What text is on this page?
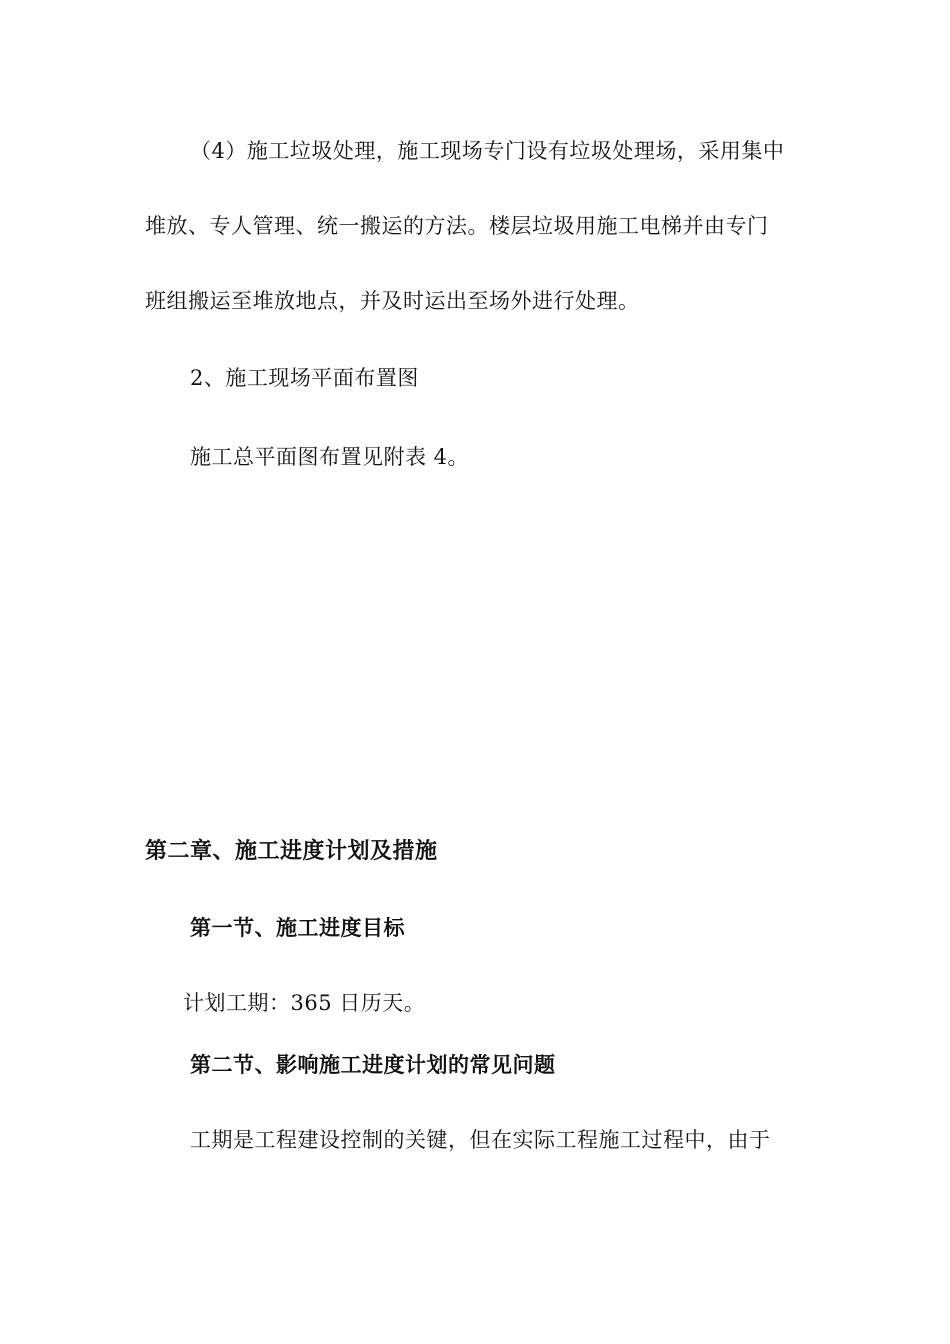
（4）施工垃圾处理，施工现场专门设有垃圾处理场，采用集中
堆放、专人管理、统一搬运的方法。楼层垃圾用施工电梯并由专门
班组搬运至堆放地点，并及时运出至场外进行处理。
2、施工现场平面布置图
施工总平面图布置见附表 4。
第二章、施工进度计划及措施
第一节、施工进度目标
计划工期：365 日历天。
第二节、影响施工进度计划的常见问题
工期是工程建设控制的关键，但在实际工程施工过程中，由于
